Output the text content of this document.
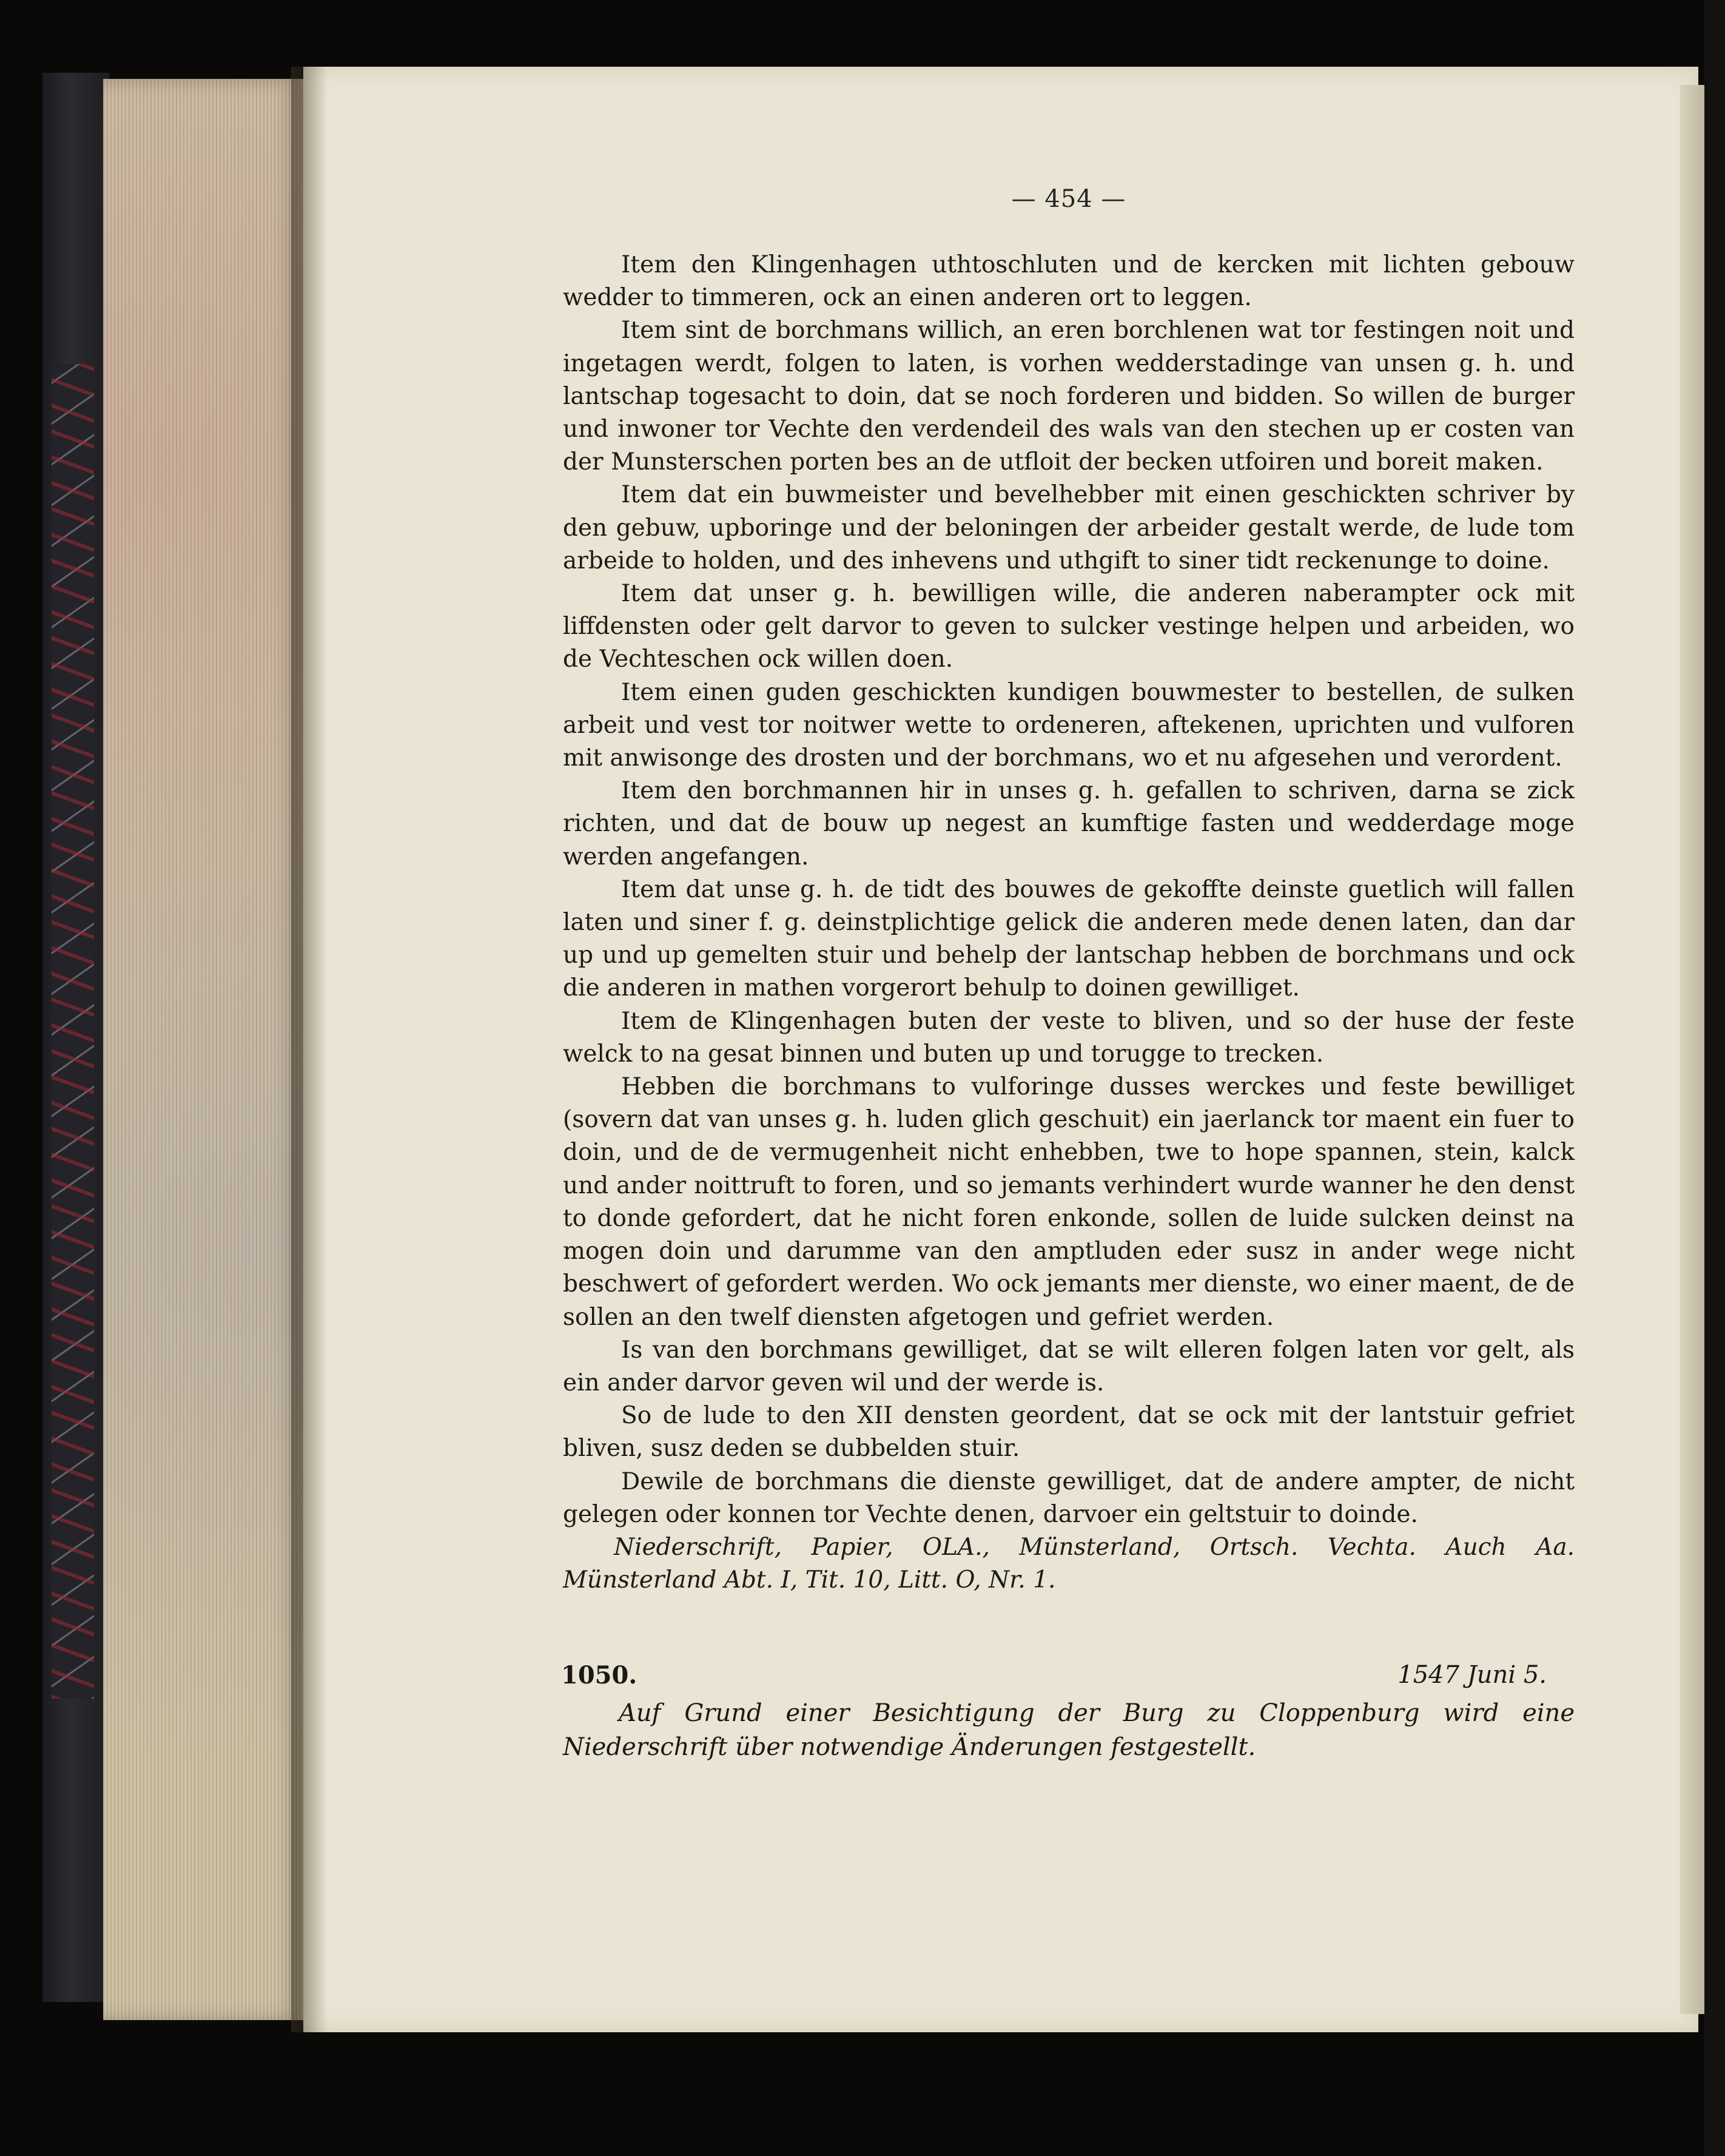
— 454 —

Item den Klingenhagen uthtoschluten und de kercken mit lichten gebouw wedder to timmeren, ock an einen anderen ort to leggen.

Item sint de borchmans willich, an eren borchlenen wat tor festingen noit und ingetagen werdt, folgen to laten, is vorhen wedderstadinge van unsen g. h. und lantschap togesacht to doin, dat se noch forderen und bidden. So willen de burger und inwoner tor Vechte den verdendeil des wals van den stechen up er costen van der Munsterschen porten bes an de utfloit der becken utfoiren und boreit maken.

Item dat ein buwmeister und bevelhebber mit einen geschickten schriver by den gebuw, upboringe und der beloningen der arbeider gestalt werde, de lude tom arbeide to holden, und des inhevens und uthgift to siner tidt reckenunge to doine.

Item dat unser g. h. bewilligen wille, die anderen naberampter ock mit liffdensten oder gelt darvor to geven to sulcker vestinge helpen und arbeiden, wo de Vechteschen ock willen doen.

Item einen guden geschickten kundigen bouwmester to bestellen, de sulken arbeit und vest tor noitwer wette to ordeneren, aftekenen, uprichten und vulforen mit anwisonge des drosten und der borchmans, wo et nu afgesehen und verordent.

Item den borchmannen hir in unses g. h. gefallen to schriven, darna se zick richten, und dat de bouw up negest an kumftige fasten und wedderdage moge werden angefangen.

Item dat unse g. h. de tidt des bouwes de gekoffte deinste guetlich will fallen laten und siner f. g. deinstplichtige gelick die anderen mede denen laten, dan dar up und up gemelten stuir und behelp der lantschap hebben de borchmans und ock die anderen in mathen vorgerort behulp to doinen gewilliget.

Item de Klingenhagen buten der veste to bliven, und so der huse der feste welck to na gesat binnen und buten up und torugge to trecken.

Hebben die borchmans to vulforinge dusses werckes und feste bewilliget (sovern dat van unses g. h. luden glich geschuit) ein jaerlanck tor maent ein fuer to doin, und de de vermugenheit nicht enhebben, twe to hope spannen, stein, kalck und ander noittruft to foren, und so jemants verhindert wurde wanner he den denst to donde gefordert, dat he nicht foren enkonde, sollen de luide sulcken deinst na mogen doin und darumme van den amptluden eder susz in ander wege nicht beschwert of gefordert werden. Wo ock jemants mer dienste, wo einer maent, de de sollen an den twelf diensten afgetogen und gefriet werden.

Is van den borchmans gewilliget, dat se wilt elleren folgen laten vor gelt, als ein ander darvor geven wil und der werde is.

So de lude to den XII densten geordent, dat se ock mit der lantstuir gefriet bliven, susz deden se dubbelden stuir.

Dewile de borchmans die dienste gewilliget, dat de andere ampter, de nicht gelegen oder konnen tor Vechte denen, darvoer ein geltstuir to doinde.

Niederschrift, Papier, OLA., Münsterland, Ortsch. Vechta. Auch Aa. Münsterland Abt. I, Tit. 10, Litt. O, Nr. 1.

1050.	1547 Juni 5.

Auf Grund einer Besichtigung der Burg zu Cloppenburg wird eine Niederschrift über notwendige Änderungen festgestellt.
